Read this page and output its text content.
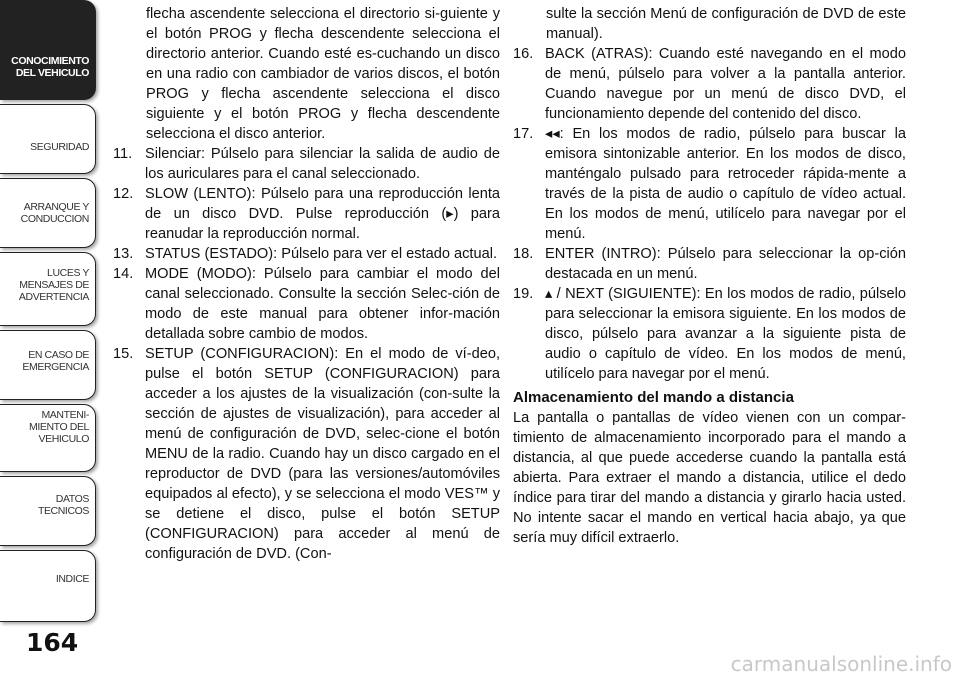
CONOCIMIENTO
DEL VEHICULO
SEGURIDAD
ARRANQUE Y
CONDUCCION
LUCES Y
MENSAJES DE
ADVERTENCIA
EN CASO DE
EMERGENCIA
MANTENI-
MIENTO DEL
VEHICULO
DATOS
TECNICOS
INDICE
164

flecha ascendente selecciona el directorio si-guiente y el botón PROG y flecha descendente selecciona el directorio anterior. Cuando esté es-cuchando un disco en una radio con cambiador de varios discos, el botón PROG y flecha ascendente selecciona el disco siguiente y el botón PROG y flecha descendente selecciona el disco anterior.

11. Silenciar: Púlselo para silenciar la salida de audio de los auriculares para el canal seleccionado.
12. SLOW (LENTO): Púlselo para una reproducción lenta de un disco DVD. Pulse reproducción (▸) para reanudar la reproducción normal.
13. STATUS (ESTADO): Púlselo para ver el estado actual.
14. MODE (MODO): Púlselo para cambiar el modo del canal seleccionado. Consulte la sección Selec-ción de modo de este manual para obtener infor-mación detallada sobre cambio de modos.
15. SETUP (CONFIGURACION): En el modo de ví-deo, pulse el botón SETUP (CONFIGURACION) para acceder a los ajustes de la visualización (con-sulte la sección de ajustes de visualización), para acceder al menú de configuración de DVD, selec-cione el botón MENU de la radio. Cuando hay un disco cargado en el reproductor de DVD (para las versiones/automóviles equipados al efecto), y se selecciona el modo VES™ y se detiene el disco, pulse el botón SETUP (CONFIGURACION) para acceder al menú de configuración de DVD. (Con-

sulte la sección Menú de configuración de DVD de este manual).

16. BACK (ATRAS): Cuando esté navegando en el modo de menú, púlselo para volver a la pantalla anterior. Cuando navegue por un menú de disco DVD, el funcionamiento depende del contenido del disco.
17. ◂◂: En los modos de radio, púlselo para buscar la emisora sintonizable anterior. En los modos de disco, manténgalo pulsado para retroceder rápida-mente a través de la pista de audio o capítulo de vídeo actual. En los modos de menú, utilícelo para navegar por el menú.
18. ENTER (INTRO): Púlselo para seleccionar la op-ción destacada en un menú.
19. ▴ / NEXT (SIGUIENTE): En los modos de radio, púlselo para seleccionar la emisora siguiente. En los modos de disco, púlselo para avanzar a la siguiente pista de audio o capítulo de vídeo. En los modos de menú, utilícelo para navegar por el menú.

Almacenamiento del mando a distancia

La pantalla o pantallas de vídeo vienen con un compar-timiento de almacenamiento incorporado para el mando a distancia, al que puede accederse cuando la pantalla está abierta. Para extraer el mando a distancia, utilice el dedo índice para tirar del mando a distancia y girarlo hacia usted. No intente sacar el mando en vertical hacia abajo, ya que sería muy difícil extraerlo.

carmanualsonline.info
